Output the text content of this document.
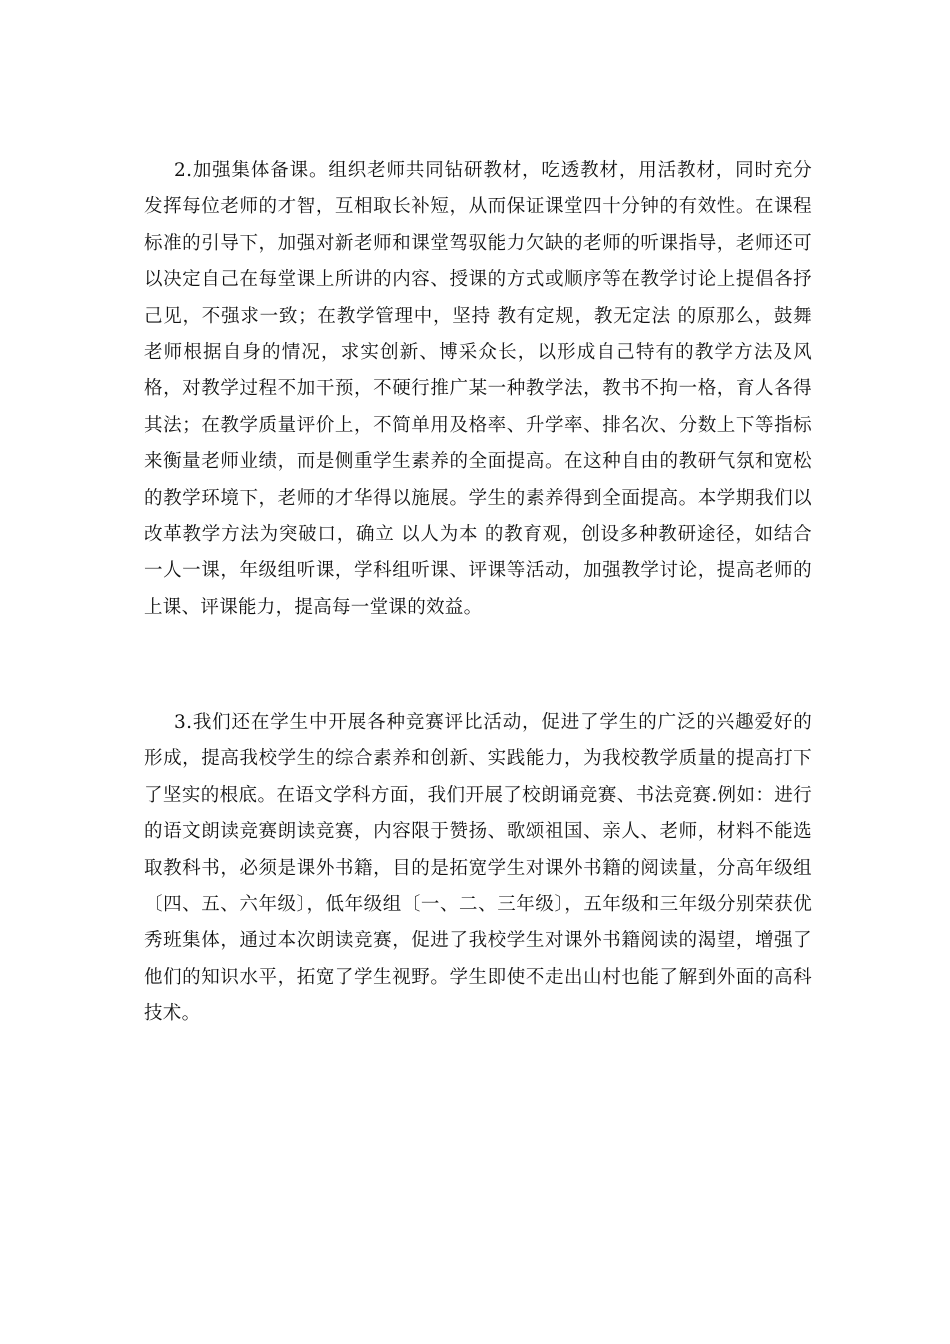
2.加强集体备课。组织老师共同钻研教材，吃透教材，用活教材，同时充分发挥每位老师的才智，互相取长补短，从而保证课堂四十分钟的有效性。在课程标准的引导下，加强对新老师和课堂驾驭能力欠缺的老师的听课指导，老师还可以决定自己在每堂课上所讲的内容、授课的方式或顺序等在教学讨论上提倡各抒己见，不强求一致；在教学管理中，坚持 教有定规，教无定法 的原那么，鼓舞老师根据自身的情况，求实创新、博采众长，以形成自己特有的教学方法及风格，对教学过程不加干预，不硬行推广某一种教学法，教书不拘一格，育人各得其法；在教学质量评价上，不简单用及格率、升学率、排名次、分数上下等指标来衡量老师业绩，而是侧重学生素养的全面提高。在这种自由的教研气氛和宽松的教学环境下，老师的才华得以施展。学生的素养得到全面提高。本学期我们以改革教学方法为突破口，确立 以人为本 的教育观，创设多种教研途径，如结合一人一课，年级组听课，学科组听课、评课等活动，加强教学讨论，提高老师的上课、评课能力，提高每一堂课的效益。

3.我们还在学生中开展各种竞赛评比活动，促进了学生的广泛的兴趣爱好的形成，提高我校学生的综合素养和创新、实践能力，为我校教学质量的提高打下了坚实的根底。在语文学科方面，我们开展了校朗诵竞赛、书法竞赛.例如：进行的语文朗读竞赛朗读竞赛，内容限于赞扬、歌颂祖国、亲人、老师，材料不能选取教科书，必须是课外书籍，目的是拓宽学生对课外书籍的阅读量，分高年级组〔四、五、六年级〕，低年级组〔一、二、三年级〕，五年级和三年级分别荣获优秀班集体，通过本次朗读竞赛，促进了我校学生对课外书籍阅读的渴望，增强了他们的知识水平，拓宽了学生视野。学生即使不走出山村也能了解到外面的高科技术。
